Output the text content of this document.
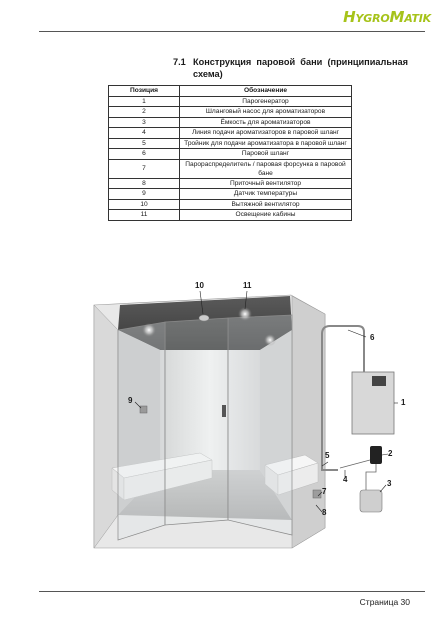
HYGROMATIK
7.1 Конструкция паровой бани (принципиальная схема)
Позиция	Обозначение
1	Парогенератор
2	Шланговый насос для ароматизаторов
3	Ёмкость для ароматизаторов
4	Линия подачи ароматизаторов в паровой шланг
5	Тройник для подачи ароматизатора в паровой шланг
6	Паровой шланг
7	Парораспределитель / паровая форсунка в паровой бане
8	Приточный вентилятор
9	Датчик температуры
10	Вытяжной вентилятор
11	Освещение кабины
10	11
6
9	1
5	2
4	3
7
8
Страница 30
